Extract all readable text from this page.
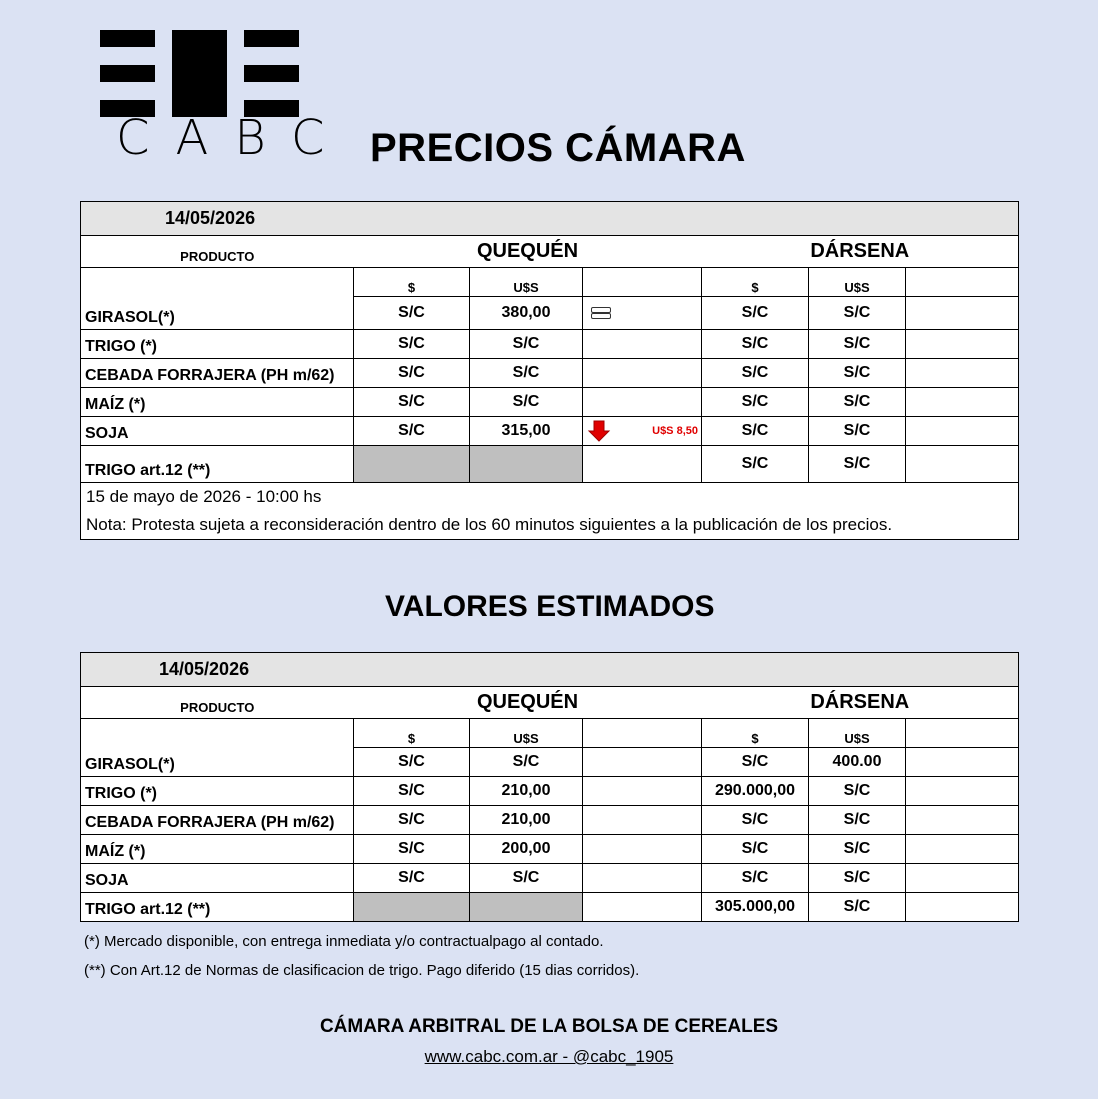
CABC PRECIOS CÁMARA
14/05/2026						
PRODUCTO	QUEQUÉN			DÁRSENA		
	$	U$S		$	U$S	
GIRASOL(*)	S/C	380,00		S/C	S/C	
TRIGO (*)	S/C	S/C		S/C	S/C	
CEBADA FORRAJERA (PH m/62)	S/C	S/C		S/C	S/C	
MAÍZ (*)	S/C	S/C		S/C	S/C	
SOJA	S/C	315,00	U$S 8,50	S/C	S/C	
TRIGO art.12 (**)				S/C	S/C	
15 de mayo de 2026 - 10:00 hs						
Nota: Protesta sujeta a reconsideración dentro de los 60 minutos siguientes a la publicación de los precios.						
VALORES ESTIMADOS
14/05/2026						
PRODUCTO	QUEQUÉN			DÁRSENA		
	$	U$S		$	U$S	
GIRASOL(*)	S/C	S/C		S/C	400.00	
TRIGO (*)	S/C	210,00		290.000,00	S/C	
CEBADA FORRAJERA (PH m/62)	S/C	210,00		S/C	S/C	
MAÍZ (*)	S/C	200,00		S/C	S/C	
SOJA	S/C	S/C		S/C	S/C	
TRIGO art.12 (**)				305.000,00	S/C	
(*) Mercado disponible, con entrega inmediata y/o contractualpago al contado.
(**) Con Art.12 de Normas de clasificacion de trigo. Pago diferido (15 dias corridos).
CÁMARA ARBITRAL DE LA BOLSA DE CEREALES
www.cabc.com.ar - @cabc_1905
